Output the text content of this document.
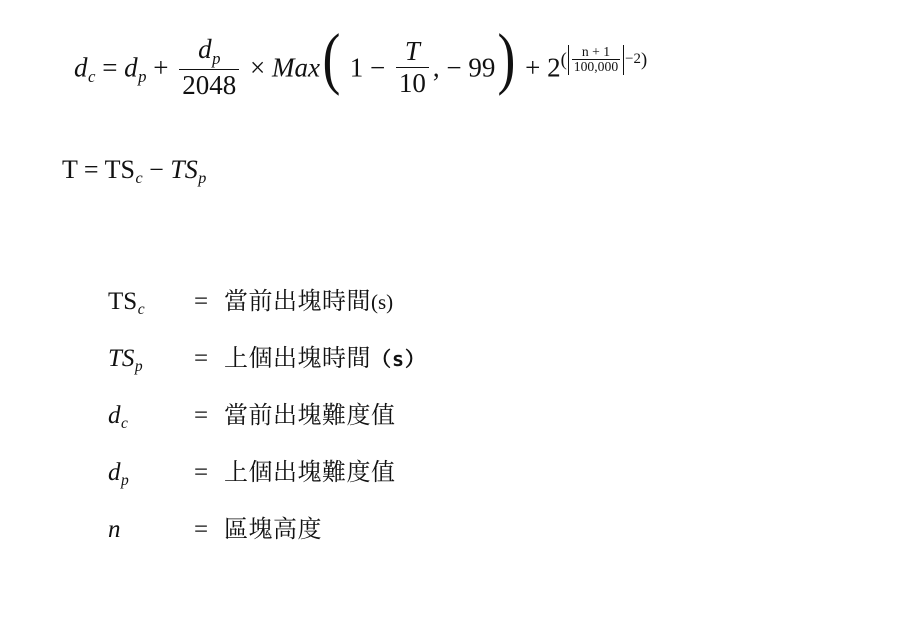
$d_c = d_p + \frac{d_p}{2048} \times Max$( $1 - \frac{T}{10}$ , − $99) + 2( \frac{n + 1}{100,000} -2)$
$T = TS_c - TS_p$
$TS_c$	= 當前出塊時間 (s)
$TS_p$	= 上個出塊時間 （s）
$d_c$	= 當前出塊難度值
$d_p$	= 上個出塊難度值
n	= 區塊高度
